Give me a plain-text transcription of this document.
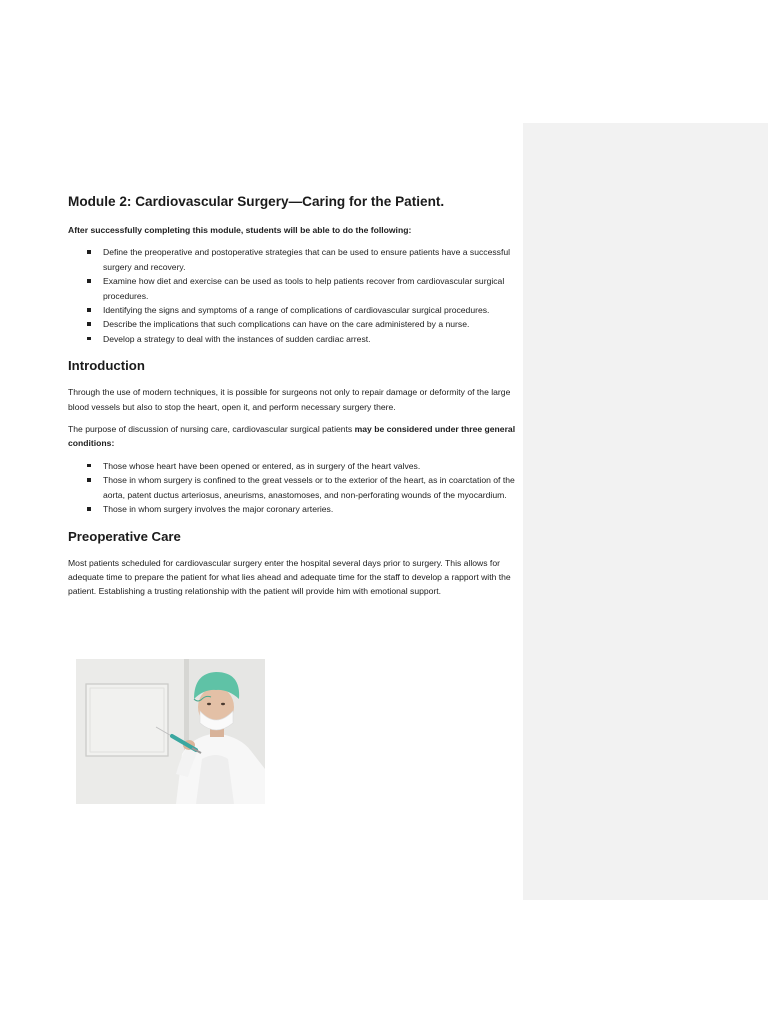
Module 2: Cardiovascular Surgery—Caring for the Patient.

After successfully completing this module, students will be able to do the following:

Define the preoperative and postoperative strategies that can be used to ensure patients have a successful surgery and recovery.
Examine how diet and exercise can be used as tools to help patients recover from cardiovascular surgical procedures.
Identifying the signs and symptoms of a range of complications of cardiovascular surgical procedures.
Describe the implications that such complications can have on the care administered by a nurse.
Develop a strategy to deal with the instances of sudden cardiac arrest.
Introduction

Through the use of modern techniques, it is possible for surgeons not only to repair damage or deformity of the large blood vessels but also to stop the heart, open it, and perform necessary surgery there.

The purpose of discussion of nursing care, cardiovascular surgical patients may be considered under three general conditions:

Those whose heart have been opened or entered, as in surgery of the heart valves.
Those in whom surgery is confined to the great vessels or to the exterior of the heart, as in coarctation of the aorta, patent ductus arteriosus, aneurisms, anastomoses, and non-perforating wounds of the myocardium.
Those in whom surgery involves the major coronary arteries.
Preoperative Care

Most patients scheduled for cardiovascular surgery enter the hospital several days prior to surgery. This allows for adequate time to prepare the patient for what lies ahead and adequate time for the staff to develop a rapport with the patient. Establishing a trusting relationship with the patient will provide him with emotional support.
